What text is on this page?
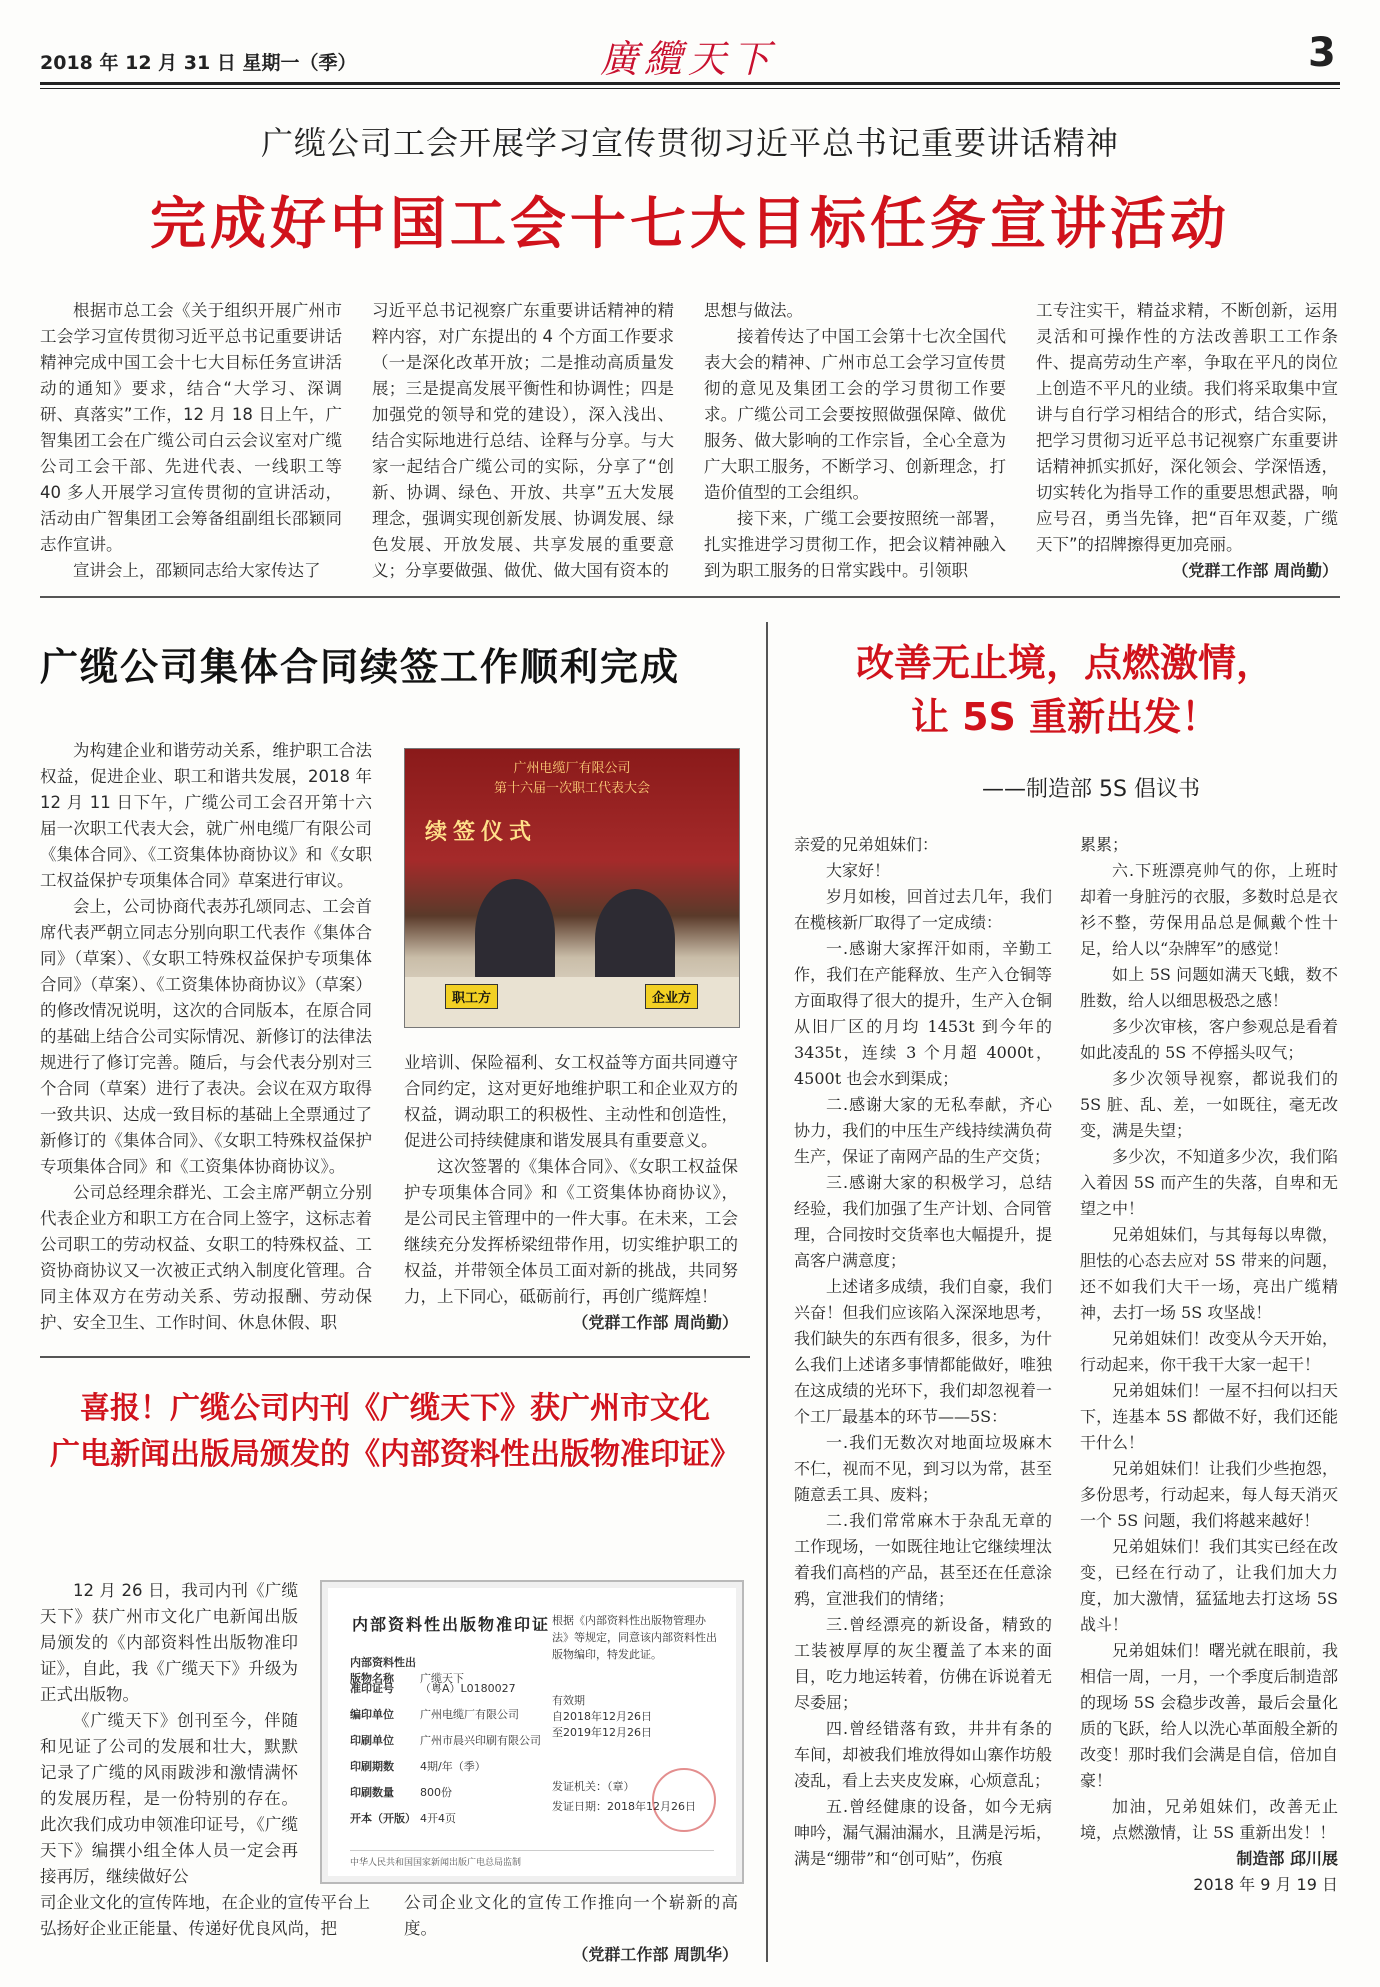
2018 年 12 月 31 日 星期一（季）	廣纜天下	3
广缆公司工会开展学习宣传贯彻习近平总书记重要讲话精神
完成好中国工会十七大目标任务宣讲活动

根据市总工会《关于组织开展广州市工会学习宣传贯彻习近平总书记重要讲话精神完成中国工会十七大目标任务宣讲活动的通知》要求，结合“大学习、深调研、真落实”工作，12 月 18 日上午，广智集团工会在广缆公司白云会议室对广缆公司工会干部、先进代表、一线职工等 40 多人开展学习宣传贯彻的宣讲活动，活动由广智集团工会筹备组副组长邵颖同志作宣讲。

宣讲会上，邵颖同志给大家传达了

习近平总书记视察广东重要讲话精神的精粹内容，对广东提出的 4 个方面工作要求（一是深化改革开放；二是推动高质量发展；三是提高发展平衡性和协调性；四是加强党的领导和党的建设），深入浅出、结合实际地进行总结、诠释与分享。与大家一起结合广缆公司的实际，分享了“创新、协调、绿色、开放、共享”五大发展理念，强调实现创新发展、协调发展、绿色发展、开放发展、共享发展的重要意义；分享要做强、做优、做大国有资本的

思想与做法。

接着传达了中国工会第十七次全国代表大会的精神、广州市总工会学习宣传贯彻的意见及集团工会的学习贯彻工作要求。广缆公司工会要按照做强保障、做优服务、做大影响的工作宗旨，全心全意为广大职工服务，不断学习、创新理念，打造价值型的工会组织。

接下来，广缆工会要按照统一部署，扎实推进学习贯彻工作，把会议精神融入到为职工服务的日常实践中。引领职

工专注实干，精益求精，不断创新，运用灵活和可操作性的方法改善职工工作条件、提高劳动生产率，争取在平凡的岗位上创造不平凡的业绩。我们将采取集中宣讲与自行学习相结合的形式，结合实际，把学习贯彻习近平总书记视察广东重要讲话精神抓实抓好，深化领会、学深悟透，切实转化为指导工作的重要思想武器，响应号召，勇当先锋，把“百年双菱，广缆天下”的招牌擦得更加亮丽。

（党群工作部 周尚勤）
广缆公司集体合同续签工作顺利完成

为构建企业和谐劳动关系，维护职工合法权益，促进企业、职工和谐共发展，2018 年 12 月 11 日下午，广缆公司工会召开第十六届一次职工代表大会，就广州电缆厂有限公司《集体合同》、《工资集体协商协议》和《女职工权益保护专项集体合同》草案进行审议。

会上，公司协商代表苏孔颂同志、工会首席代表严朝立同志分别向职工代表作《集体合同》（草案）、《女职工特殊权益保护专项集体合同》（草案）、《工资集体协商协议》（草案）的修改情况说明，这次的合同版本，在原合同的基础上结合公司实际情况、新修订的法律法规进行了修订完善。随后，与会代表分别对三个合同（草案）进行了表决。会议在双方取得一致共识、达成一致目标的基础上全票通过了新修订的《集体合同》、《女职工特殊权益保护专项集体合同》和《工资集体协商协议》。

公司总经理余群光、工会主席严朝立分别代表企业方和职工方在合同上签字，这标志着公司职工的劳动权益、女职工的特殊权益、工资协商协议又一次被正式纳入制度化管理。合同主体双方在劳动关系、劳动报酬、劳动保护、安全卫生、工作时间、休息休假、职

广州电缆厂有限公司
第十六届一次职工代表大会
续签仪式
职工方	企业方

业培训、保险福利、女工权益等方面共同遵守合同约定，这对更好地维护职工和企业双方的权益，调动职工的积极性、主动性和创造性，促进公司持续健康和谐发展具有重要意义。

这次签署的《集体合同》、《女职工权益保护专项集体合同》和《工资集体协商协议》，是公司民主管理中的一件大事。在未来，工会继续充分发挥桥梁纽带作用，切实维护职工的权益，并带领全体员工面对新的挑战，共同努力，上下同心，砥砺前行，再创广缆辉煌！

（党群工作部 周尚勤）
喜报！广缆公司内刊《广缆天下》获广州市文化
广电新闻出版局颁发的《内部资料性出版物准印证》

12 月 26 日，我司内刊《广缆天下》获广州市文化广电新闻出版局颁发的《内部资料性出版物准印证》，自此，我《广缆天下》升级为正式出版物。

《广缆天下》创刊至今，伴随和见证了公司的发展和壮大，默默记录了广缆的风雨跋涉和激情满怀的发展历程，是一份特别的存在。此次我们成功申领准印证号，《广缆天下》编撰小组全体人员一定会再接再厉，继续做好公

内部资料性出版物准印证
内部资料性出版物名称 广缆天下
准印证号 （粤A）L0180027
编印单位 广州电缆厂有限公司
印刷单位 广州市晨兴印刷有限公司
印刷期数 4期/年（季）
印刷数量 800份
开本（开版） 4开4页
根据《内部资料性出版物管理办法》等规定，同意该内部资料性出版物编印，特发此证。
有效期
自2018年12月26日
至2019年12月26日
发证机关：（章）
发证日期：2018年12月26日
中华人民共和国国家新闻出版广电总局监制

司企业文化的宣传阵地，在企业的宣传平台上弘扬好企业正能量、传递好优良风尚，把

公司企业文化的宣传工作推向一个崭新的高度。

（党群工作部 周凯华）
改善无止境，点燃激情，
让 5S 重新出发！
——制造部 5S 倡议书

亲爱的兄弟姐妹们：

大家好！

岁月如梭，回首过去几年，我们在榄核新厂取得了一定成绩：

一.感谢大家挥汗如雨，辛勤工作，我们在产能释放、生产入仓铜等方面取得了很大的提升，生产入仓铜从旧厂区的月均 1453t 到今年的 3435t，连续 3 个月超 4000t，4500t 也会水到渠成；

二.感谢大家的无私奉献，齐心协力，我们的中压生产线持续满负荷生产，保证了南网产品的生产交货；

三.感谢大家的积极学习，总结经验，我们加强了生产计划、合同管理，合同按时交货率也大幅提升，提高客户满意度；

上述诸多成绩，我们自豪，我们兴奋！但我们应该陷入深深地思考，我们缺失的东西有很多，很多，为什么我们上述诸多事情都能做好，唯独在这成绩的光环下，我们却忽视着一个工厂最基本的环节——5S：

一.我们无数次对地面垃圾麻木不仁，视而不见，到习以为常，甚至随意丢工具、废料；

二.我们常常麻木于杂乱无章的工作现场，一如既往地让它继续埋汰着我们高档的产品，甚至还在任意涂鸦，宣泄我们的情绪；

三.曾经漂亮的新设备，精致的工装被厚厚的灰尘覆盖了本来的面目，吃力地运转着，仿佛在诉说着无尽委屈；

四.曾经错落有致，井井有条的车间，却被我们堆放得如山寨作坊般凌乱，看上去夹皮发麻，心烦意乱；

五.曾经健康的设备，如今无病呻吟，漏气漏油漏水，且满是污垢，满是“绷带”和“创可贴”，伤痕

累累；

六.下班漂亮帅气的你，上班时却着一身脏污的衣服，多数时总是衣衫不整，劳保用品总是佩戴个性十足，给人以“杂牌军”的感觉！

如上 5S 问题如满天飞蛾，数不胜数，给人以细思极恐之感！

多少次审核，客户参观总是看着如此凌乱的 5S 不停摇头叹气；

多少次领导视察，都说我们的 5S 脏、乱、差，一如既往，毫无改变，满是失望；

多少次，不知道多少次，我们陷入着因 5S 而产生的失落，自卑和无望之中！

兄弟姐妹们，与其每每以卑微，胆怯的心态去应对 5S 带来的问题，还不如我们大干一场，亮出广缆精神，去打一场 5S 攻坚战！

兄弟姐妹们！改变从今天开始，行动起来，你干我干大家一起干！

兄弟姐妹们！一屋不扫何以扫天下，连基本 5S 都做不好，我们还能干什么！

兄弟姐妹们！让我们少些抱怨，多份思考，行动起来，每人每天消灭一个 5S 问题，我们将越来越好！

兄弟姐妹们！我们其实已经在改变，已经在行动了，让我们加大力度，加大激情，猛猛地去打这场 5S 战斗！

兄弟姐妹们！曙光就在眼前，我相信一周，一月，一个季度后制造部的现场 5S 会稳步改善，最后会量化质的飞跃，给人以洗心革面般全新的改变！那时我们会满是自信，倍加自豪！

加油，兄弟姐妹们，改善无止境，点燃激情，让 5S 重新出发！！

制造部 邱川展
2018 年 9 月 19 日
